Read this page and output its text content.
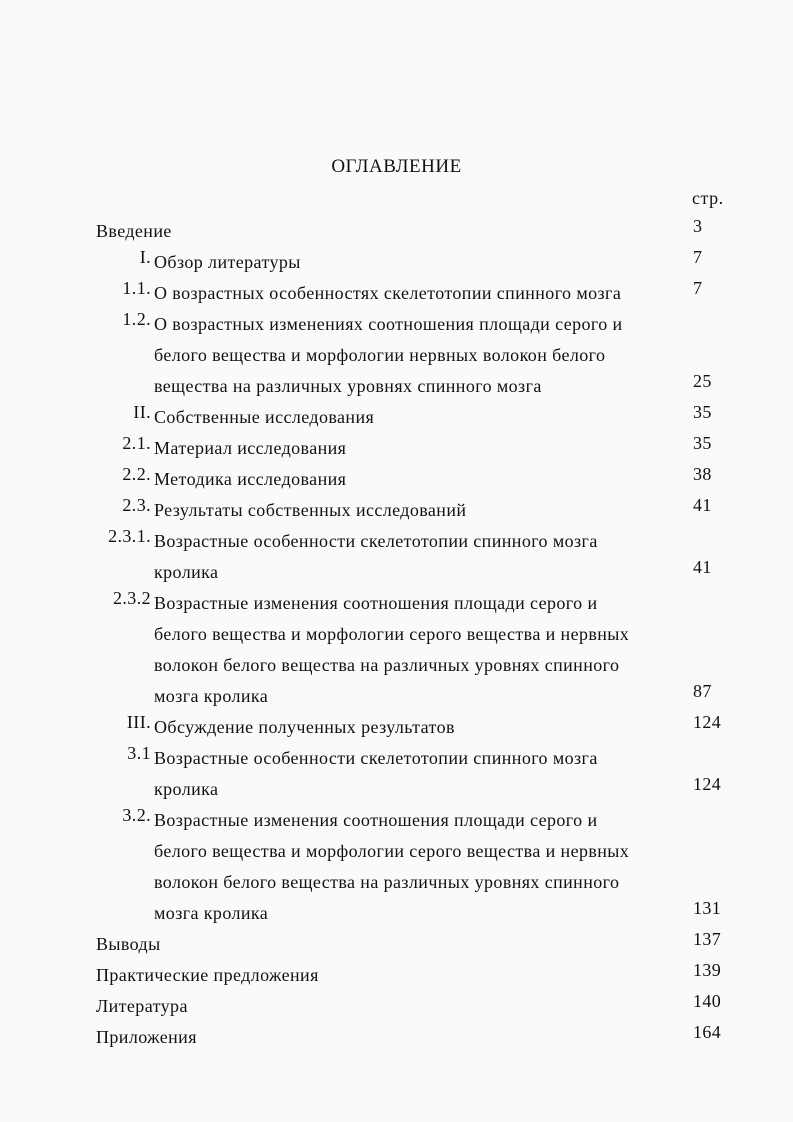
ОГЛАВЛЕНИЕ
стр.
Введение	3
I. Обзор литературы	7
1.1. О возрастных особенностях скелетотопии спинного мозга	7
1.2. О возрастных изменениях соотношения площади серого и
белого вещества и морфологии нервных волокон белого
вещества на различных уровнях спинного мозга	25
II. Собственные исследования	35
2.1. Материал исследования	35
2.2. Методика исследования	38
2.3. Результаты собственных исследований	41
2.3.1. Возрастные особенности скелетотопии спинного мозга
кролика	41
2.3.2 Возрастные изменения соотношения площади серого и
белого вещества и морфологии серого вещества и нервных
волокон белого вещества на различных уровнях спинного
мозга кролика	87
III. Обсуждение полученных результатов	124
3.1 Возрастные особенности скелетотопии спинного мозга
кролика	124
3.2. Возрастные изменения соотношения площади серого и
белого вещества и морфологии серого вещества и нервных
волокон белого вещества на различных уровнях спинного
мозга кролика	131
Выводы	137
Практические предложения	139
Литература	140
Приложения	164
